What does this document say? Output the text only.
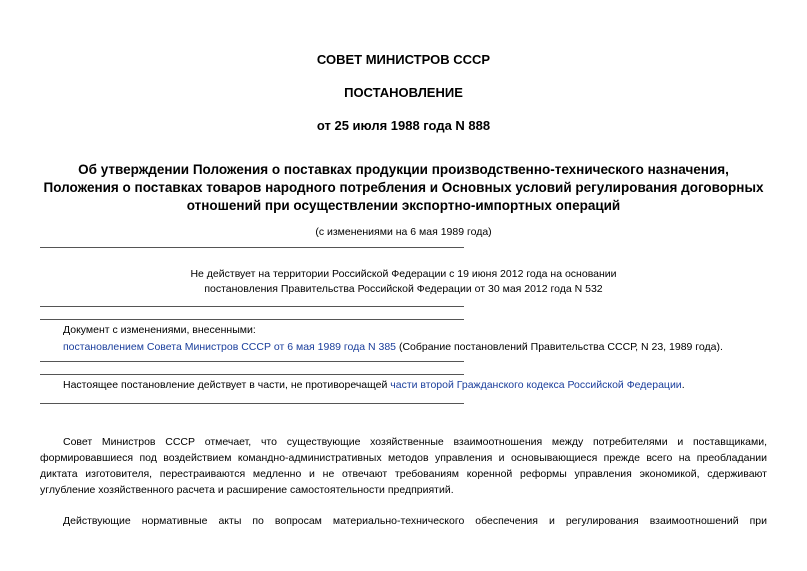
СОВЕТ МИНИСТРОВ СССР
ПОСТАНОВЛЕНИЕ
от 25 июля 1988 года N 888
Об утверждении Положения о поставках продукции производственно-технического назначения, Положения о поставках товаров народного потребления и Основных условий регулирования договорных отношений при осуществлении экспортно-импортных операций
(с изменениями на 6 мая 1989 года)
Не действует на территории Российской Федерации с 19 июня 2012 года на основании
постановления Правительства Российской Федерации от 30 мая 2012 года N 532
Документ с изменениями, внесенными:
постановлением Совета Министров СССР от 6 мая 1989 года N 385 (Собрание постановлений Правительства СССР, N 23, 1989 года).
Настоящее постановление действует в части, не противоречащей части второй Гражданского кодекса Российской Федерации.
Совет Министров СССР отмечает, что существующие хозяйственные взаимоотношения между потребителями и поставщиками, формировавшиеся под воздействием командно-административных методов управления и основывающиеся прежде всего на преобладании диктата изготовителя, перестраиваются медленно и не отвечают требованиям коренной реформы управления экономикой, сдерживают углубление хозяйственного расчета и расширение самостоятельности предприятий.
Действующие нормативные акты по вопросам материально-технического обеспечения и регулирования взаимоотношений при
